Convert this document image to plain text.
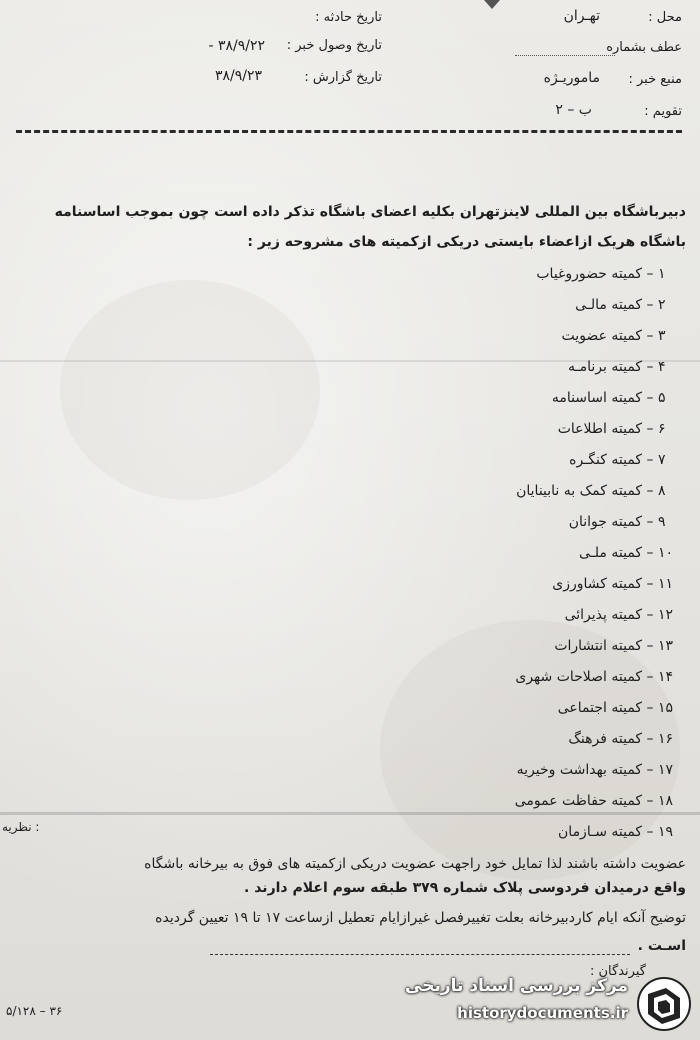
محل :
تهـران
عطف بشماره
منبع خبر :
ماموریـژه
تقویم :
ب – ۲
تاریخ حادثه :
تاریخ وصول خبر :
۳۸/۹/۲۲ -
تاریخ گزارش :
۳۸/۹/۲۳
دبیرباشگاه بین المللی لاینزتهران بکلیه اعضای باشگاه تذکر داده است چون بموجب اساسنامه
باشگاه هریک ازاعضاء بایستی دریکی ازکمیته های مشروحه زیر :
۱ – کمیته حضوروغیاب
۲ – کمیته مالـی
۳ – کمیته عضویت
۴ – کمیته برنامـه
۵ – کمیته اساسنامه
۶ – کمیته اطلاعات
۷ – کمیته کنگـره
۸ – کمیته کمک به نابینایان
۹ – کمیته جوانان
۱۰ – کمیته ملـی
۱۱ – کمیته کشاورزی
۱۲ – کمیته پذیرائی
۱۳ – کمیته انتشارات
۱۴ – کمیته اصلاحات شهری
۱۵ – کمیته اجتماعی
۱۶ – کمیته فرهنگ
۱۷ – کمیته بهداشت وخیریه
۱۸ – کمیته حفاظت عمومی
۱۹ – کمیته سـازمان
نظریه :
عضویت داشته باشند لذا تمایل خود راجهت عضویت دریکی ازکمیته های فوق به بیرخانه باشگاه
واقع درمیدان فردوسی پلاک شماره ۳۷۹ طبقه سوم اعلام دارند .
توضیح آنکه ایام کاردبیرخانه بعلت تغییرفصل غیرازایام تعطیل ازساعت ۱۷ تا ۱۹ تعیین گردیده
اسـت .
گیرندگان :
۵/۱۲۸ – ۳۶
مرکز بررسی اسناد تاریخی
historydocuments.ir
